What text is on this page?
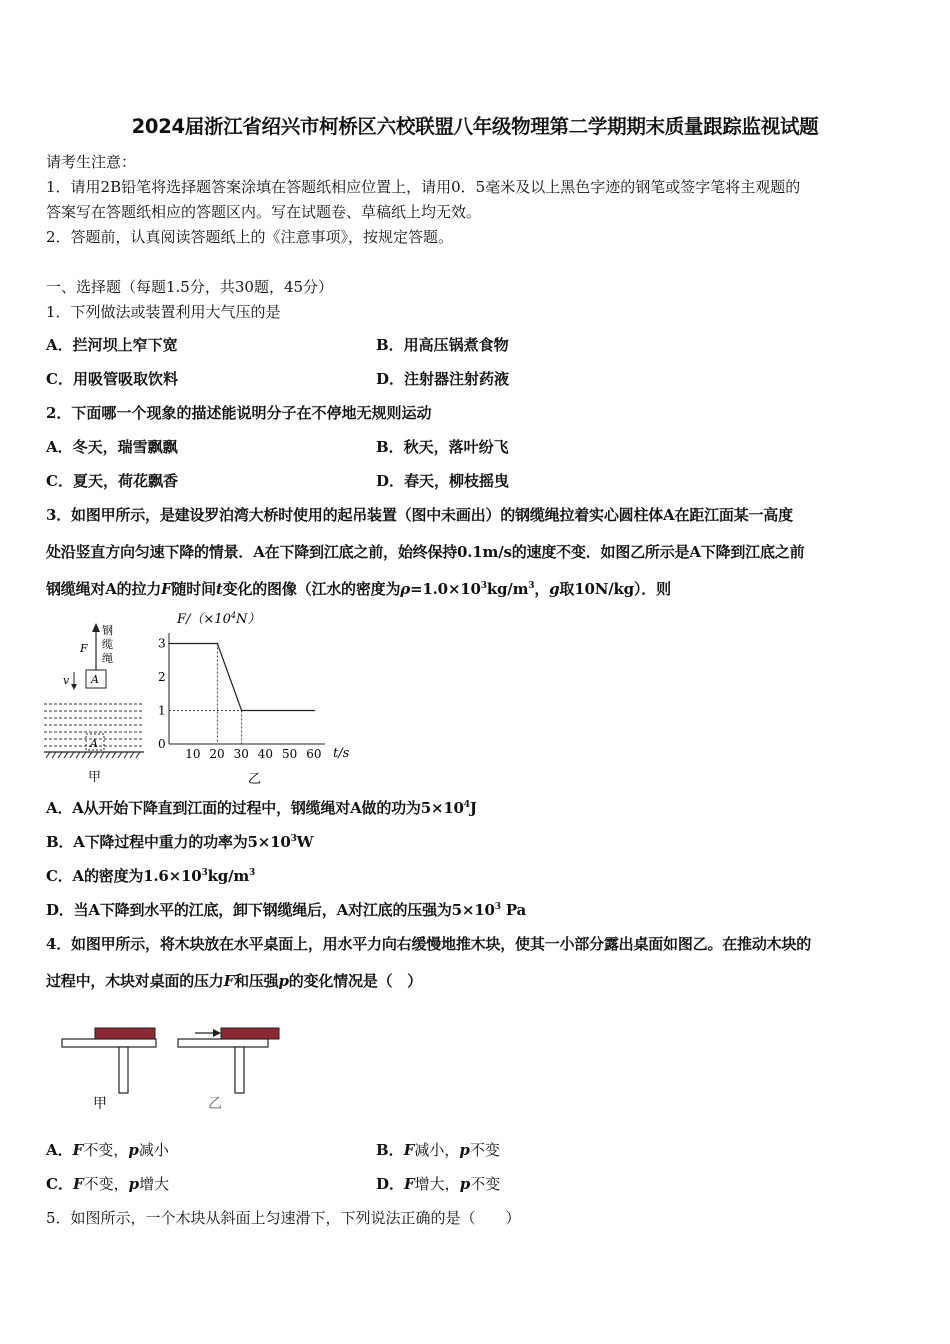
2024届浙江省绍兴市柯桥区六校联盟八年级物理第二学期期末质量跟踪监视试题
请考生注意：
1．请用2B铅笔将选择题答案涂填在答题纸相应位置上，请用0．5毫米及以上黑色字迹的钢笔或签字笔将主观题的
答案写在答题纸相应的答题区内。写在试题卷、草稿纸上均无效。
2．答题前，认真阅读答题纸上的《注意事项》，按规定答题。
一、选择题（每题1.5分，共30题，45分）
1．下列做法或装置利用大气压的是
A．拦河坝上窄下宽	B．用高压锅煮食物
C．用吸管吸取饮料	D．注射器注射药液
2．下面哪一个现象的描述能说明分子在不停地无规则运动
A．冬天，瑞雪飘飘	B．秋天，落叶纷飞
C．夏天，荷花飘香	D．春天，柳枝摇曳
3．如图甲所示，是建设罗泊湾大桥时使用的起吊装置（图中未画出）的钢缆绳拉着实心圆柱体A在距江面某一高度
处沿竖直方向匀速下降的情景．A在下降到江底之前，始终保持0.1m/s的速度不变．如图乙所示是A下降到江底之前
钢缆绳对A的拉力F随时间t变化的图像（江水的密度为$\rho=1.0\times 10^3kg/m^3$，g取10N/kg）．则
钢
缆
绳
F
A
v
A
甲
$F/(\times 10^4N)$
10 20 30 40 50 60
0
1
2
3
t/s
乙
A．A从开始下降直到江面的过程中，钢缆绳对A做的功为$5\times 10^4J$
B．A下降过程中重力的功率为$5\times 10^3W$
C．A的密度为$1.6\times 10^3kg/m^3$
D．当A下降到水平的江底，卸下钢缆绳后，A对江底的压强为$5\times 10^3$ Pa
4．如图甲所示，将木块放在水平桌面上，用水平力向右缓慢地推木块，使其一小部分露出桌面如图乙。在推动木块的
过程中，木块对桌面的压力F和压强p的变化情况是（　）
甲	乙
A．F不变，p减小	B．F减小，p不变
C．F不变，p增大	D．F增大，p不变
5．如图所示，一个木块从斜面上匀速滑下，下列说法正确的是（　　）
